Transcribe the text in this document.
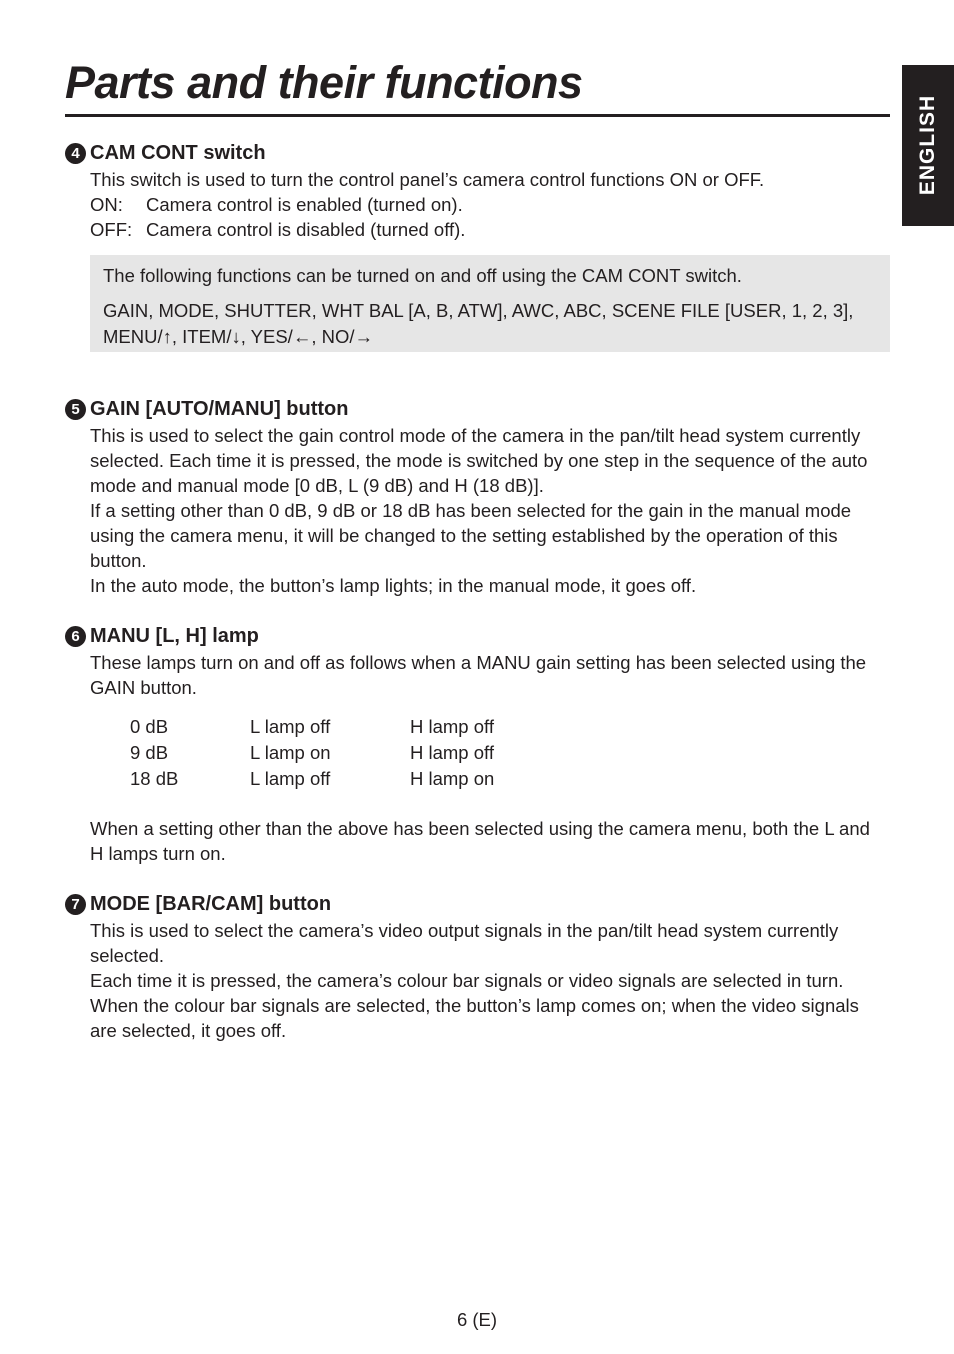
Parts and their functions
ENGLISH
4 CAM CONT switch

This switch is used to turn the control panel’s camera control functions ON or OFF.

ON:	Camera control is enabled (turned on).
OFF: Camera control is disabled (turned off).

The following functions can be turned on and off using the CAM CONT switch.

GAIN, MODE, SHUTTER, WHT BAL [A, B, ATW], AWC, ABC, SCENE FILE [USER, 1, 2, 3], MENU/↑, ITEM/↓, YES/←, NO/→

5 GAIN [AUTO/MANU] button

This is used to select the gain control mode of the camera in the pan/tilt head system currently selected. Each time it is pressed, the mode is switched by one step in the sequence of the auto mode and manual mode [0 dB, L (9 dB) and H (18 dB)].

If a setting other than 0 dB, 9 dB or 18 dB has been selected for the gain in the manual mode using the camera menu, it will be changed to the setting established by the operation of this button.

In the auto mode, the button’s lamp lights; in the manual mode, it goes off.

6 MANU [L, H] lamp

These lamps turn on and off as follows when a MANU gain setting has been selected using the GAIN button.

0 dB	L lamp off	H lamp off
9 dB	L lamp on	H lamp off
18 dB	L lamp off	H lamp on

When a setting other than the above has been selected using the camera menu, both the L and H lamps turn on.

7 MODE [BAR/CAM] button

This is used to select the camera’s video output signals in the pan/tilt head system currently selected.

Each time it is pressed, the camera’s colour bar signals or video signals are selected in turn.

When the colour bar signals are selected, the button’s lamp comes on; when the video signals are selected, it goes off.

6 (E)
